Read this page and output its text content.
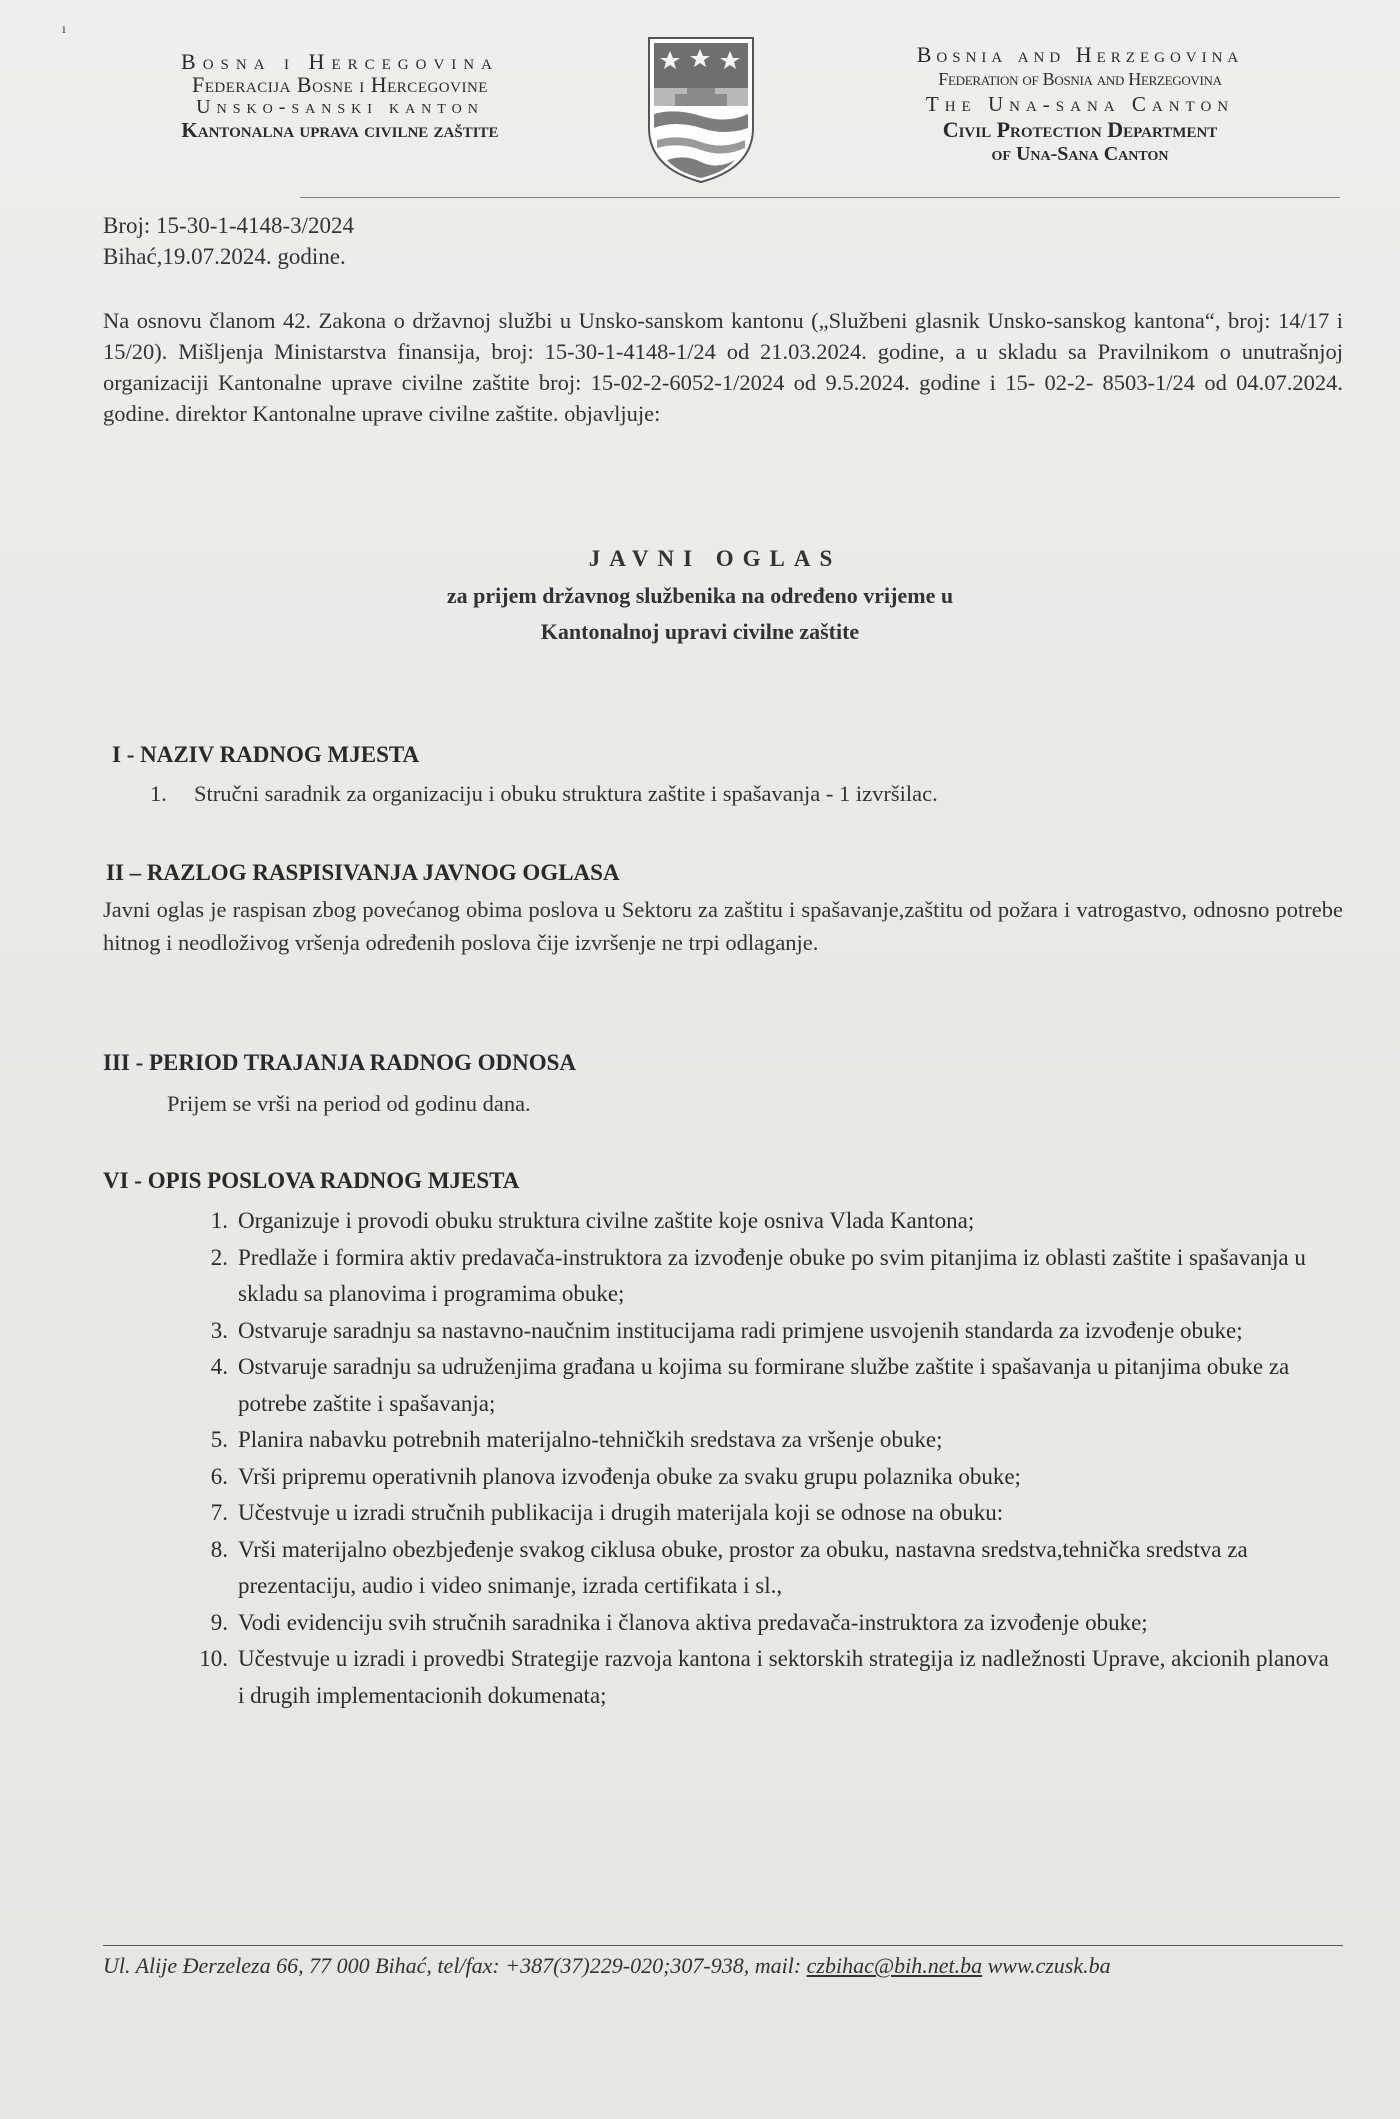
ı
Bosna i Hercegovina
Federacija Bosne i Hercegovine
Unsko-sanski kanton
Kantonalna uprava civilne zaštite
Bosnia and Herzegovina
Federation of Bosnia and Herzegovina
The Una-sana Canton
Civil Protection Department
of Una-Sana Canton
Broj: 15-30-1-4148-3/2024
Bihać,19.07.2024. godine.
Na osnovu članom 42. Zakona o državnoj službi u Unsko-sanskom kantonu („Službeni glasnik Unsko-sanskog kantona“, broj: 14/17 i 15/20). Mišljenja Ministarstva finansija, broj: 15-30-1-4148-1/24 od 21.03.2024. godine, a u skladu sa Pravilnikom o unutrašnjoj organizaciji Kantonalne uprave civilne zaštite broj: 15-02-2-6052-1/2024 od 9.5.2024. godine i 15- 02-2- 8503-1/24 od 04.07.2024. godine. direktor Kantonalne uprave civilne zaštite. objavljuje:
JAVNI OGLAS
za prijem državnog službenika na određeno vrijeme u
Kantonalnoj upravi civilne zaštite
I - NAZIV RADNOG MJESTA
1. Stručni saradnik za organizaciju i obuku struktura zaštite i spašavanja - 1 izvršilac.
II – RAZLOG RASPISIVANJA JAVNOG OGLASA
Javni oglas je raspisan zbog povećanog obima poslova u Sektoru za zaštitu i spašavanje,zaštitu od požara i vatrogastvo, odnosno potrebe hitnog i neodloživog vršenja određenih poslova čije izvršenje ne trpi odlaganje.
III - PERIOD TRAJANJA RADNOG ODNOSA
Prijem se vrši na period od godinu dana.
VI - OPIS POSLOVA RADNOG MJESTA
1. Organizuje i provodi obuku struktura civilne zaštite koje osniva Vlada Kantona;
2. Predlaže i formira aktiv predavača-instruktora za izvođenje obuke po svim pitanjima iz oblasti zaštite i spašavanja u skladu sa planovima i programima obuke;
3. Ostvaruje saradnju sa nastavno-naučnim institucijama radi primjene usvojenih standarda za izvođenje obuke;
4. Ostvaruje saradnju sa udruženjima građana u kojima su formirane službe zaštite i spašavanja u pitanjima obuke za potrebe zaštite i spašavanja;
5. Planira nabavku potrebnih materijalno-tehničkih sredstava za vršenje obuke;
6. Vrši pripremu operativnih planova izvođenja obuke za svaku grupu polaznika obuke;
7. Učestvuje u izradi stručnih publikacija i drugih materijala koji se odnose na obuku:
8. Vrši materijalno obezbjeđenje svakog ciklusa obuke, prostor za obuku, nastavna sredstva,tehnička sredstva za prezentaciju, audio i video snimanje, izrada certifikata i sl.,
9. Vodi evidenciju svih stručnih saradnika i članova aktiva predavača-instruktora za izvođenje obuke;
10. Učestvuje u izradi i provedbi Strategije razvoja kantona i sektorskih strategija iz nadležnosti Uprave, akcionih planova i drugih implementacionih dokumenata;
Ul. Alije Đerzeleza 66, 77 000 Bihać, tel/fax: +387(37)229-020;307-938, mail: czbihac@bih.net.ba www.czusk.ba
